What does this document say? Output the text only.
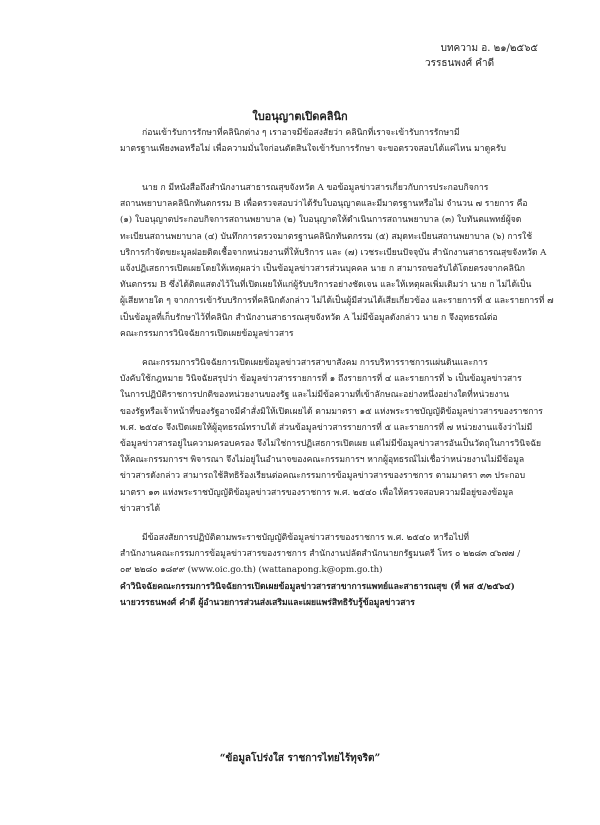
บทความ อ. ๒๑/๒๕๖๕
วรรธนพงศ์ คำดี
ใบอนุญาตเปิดคลินิก
ก่อนเข้ารับการรักษาที่คลินิกต่าง ๆ เราอาจมีข้อสงสัยว่า คลินิกที่เราจะเข้ารับการรักษามี
มาตรฐานเพียงพอหรือไม่ เพื่อความมั่นใจก่อนตัดสินใจเข้ารับการรักษา จะขอตรวจสอบได้แค่ไหน มาดูครับ
นาย ก มีหนังสือถึงสำนักงานสาธารณสุขจังหวัด A ขอข้อมูลข่าวสารเกี่ยวกับการประกอบกิจการ
สถานพยาบาลคลินิกทันตกรรม B เพื่อตรวจสอบว่าได้รับใบอนุญาตและมีมาตรฐานหรือไม่ จำนวน ๗ รายการ คือ
(๑) ใบอนุญาตประกอบกิจการสถานพยาบาล (๒) ใบอนุญาตให้ดำเนินการสถานพยาบาล (๓) ใบทันตแพทย์ผู้จด
ทะเบียนสถานพยาบาล (๔) บันทึกการตรวจมาตรฐานคลินิกทันตกรรม (๕) สมุดทะเบียนสถานพยาบาล (๖) การใช้
บริการกำจัดขยะมูลฝอยติดเชื้อจากหน่วยงานที่ให้บริการ และ (๗) เวชระเบียนปัจจุบัน สำนักงานสาธารณสุขจังหวัด A
แจ้งปฏิเสธการเปิดเผยโดยให้เหตุผลว่า เป็นข้อมูลข่าวสารส่วนบุคคล นาย ก สามารถขอรับได้โดยตรงจากคลินิก
ทันตกรรม B ซึ่งได้ติดแสดงไว้ในที่เปิดเผยให้แก่ผู้รับบริการอย่างชัดเจน และให้เหตุผลเพิ่มเติมว่า นาย ก ไม่ได้เป็น
ผู้เสียหายใด ๆ จากการเข้ารับบริการที่คลินิกดังกล่าว ไม่ได้เป็นผู้มีส่วนได้เสียเกี่ยวข้อง และรายการที่ ๕ และรายการที่ ๗
เป็นข้อมูลที่เก็บรักษาไว้ที่คลินิก สำนักงานสาธารณสุขจังหวัด A ไม่มีข้อมูลดังกล่าว นาย ก จึงอุทธรณ์ต่อ
คณะกรรมการวินิจฉัยการเปิดเผยข้อมูลข่าวสาร
คณะกรรมการวินิจฉัยการเปิดเผยข้อมูลข่าวสารสาขาสังคม การบริหารราชการแผ่นดินและการ
บังคับใช้กฎหมาย วินิจฉัยสรุปว่า ข้อมูลข่าวสารรายการที่ ๑ ถึงรายการที่ ๔ และรายการที่ ๖ เป็นข้อมูลข่าวสาร
ในการปฏิบัติราชการปกติของหน่วยงานของรัฐ และไม่มีข้อความที่เข้าลักษณะอย่างหนึ่งอย่างใดที่หน่วยงาน
ของรัฐหรือเจ้าหน้าที่ของรัฐอาจมีคำสั่งมิให้เปิดเผยได้ ตามมาตรา ๑๕ แห่งพระราชบัญญัติข้อมูลข่าวสารของราชการ
พ.ศ. ๒๕๔๐ จึงเปิดเผยให้ผู้อุทธรณ์ทราบได้ ส่วนข้อมูลข่าวสารรายการที่ ๕ และรายการที่ ๗ หน่วยงานแจ้งว่าไม่มี
ข้อมูลข่าวสารอยู่ในความครอบครอง จึงไม่ใช่การปฏิเสธการเปิดเผย แต่ไม่มีข้อมูลข่าวสารอันเป็นวัตถุในการวินิจฉัย
ให้คณะกรรมการฯ พิจารณา จึงไม่อยู่ในอำนาจของคณะกรรมการฯ หากผู้อุทธรณ์ไม่เชื่อว่าหน่วยงานไม่มีข้อมูล
ข่าวสารดังกล่าว สามารถใช้สิทธิร้องเรียนต่อคณะกรรมการข้อมูลข่าวสารของราชการ ตามมาตรา ๓๓ ประกอบ
มาตรา ๑๓ แห่งพระราชบัญญัติข้อมูลข่าวสารของราชการ พ.ศ. ๒๕๔๐ เพื่อให้ตรวจสอบความมีอยู่ของข้อมูล
ข่าวสารได้
มีข้อสงสัยการปฏิบัติตามพระราชบัญญัติข้อมูลข่าวสารของราชการ พ.ศ. ๒๕๔๐ หารือไปที่
สำนักงานคณะกรรมการข้อมูลข่าวสารของราชการ สำนักงานปลัดสำนักนายกรัฐมนตรี โทร ๐ ๒๒๘๓ ๔๖๗๗ /
๐๙ ๒๒๘๐ ๑๘๙๙ (www.oic.go.th) (wattanapong.k@opm.go.th)
คำวินิจฉัยคณะกรรมการวินิจฉัยการเปิดเผยข้อมูลข่าวสารสาขาการแพทย์และสาธารณสุข (ที่ พส ๕/๒๕๖๔)
นายวรรธนพงศ์ คำดี ผู้อำนวยการส่วนส่งเสริมและเผยแพร่สิทธิรับรู้ข้อมูลข่าวสาร
“ข้อมูลโปร่งใส ราชการไทยไร้ทุจริต”
